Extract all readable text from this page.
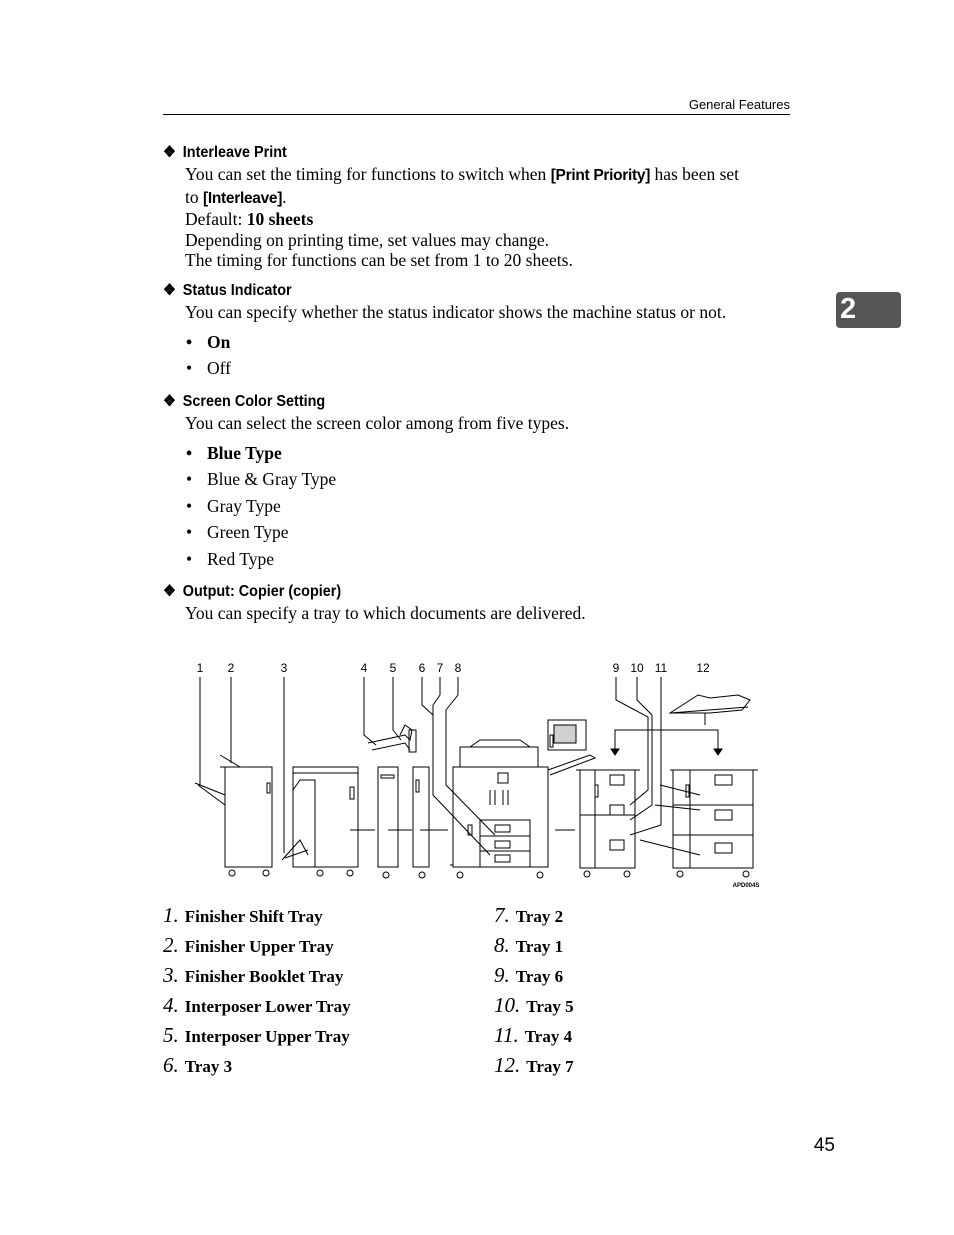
General Features
2
❖ Interleave Print
You can set the timing for functions to switch when [Print Priority] has been set
to [Interleave].
Default: 10 sheets
Depending on printing time, set values may change.
The timing for functions can be set from 1 to 20 sheets.
❖ Status Indicator
You can specify whether the status indicator shows the machine status or not.
• On
• Off
❖ Screen Color Setting
You can select the screen color among from five types.
• Blue Type
• Blue & Gray Type
• Gray Type
• Green Type
• Red Type
❖ Output: Copier (copier)
You can specify a tray to which documents are delivered.
1 2	3	4 5 6 7 8	9 10 11 12
APD004S
1. Finisher Shift Tray
2. Finisher Upper Tray
3. Finisher Booklet Tray
4. Interposer Lower Tray
5. Interposer Upper Tray
6. Tray 3
7. Tray 2
8. Tray 1
9. Tray 6
10. Tray 5
11. Tray 4
12. Tray 7
45
